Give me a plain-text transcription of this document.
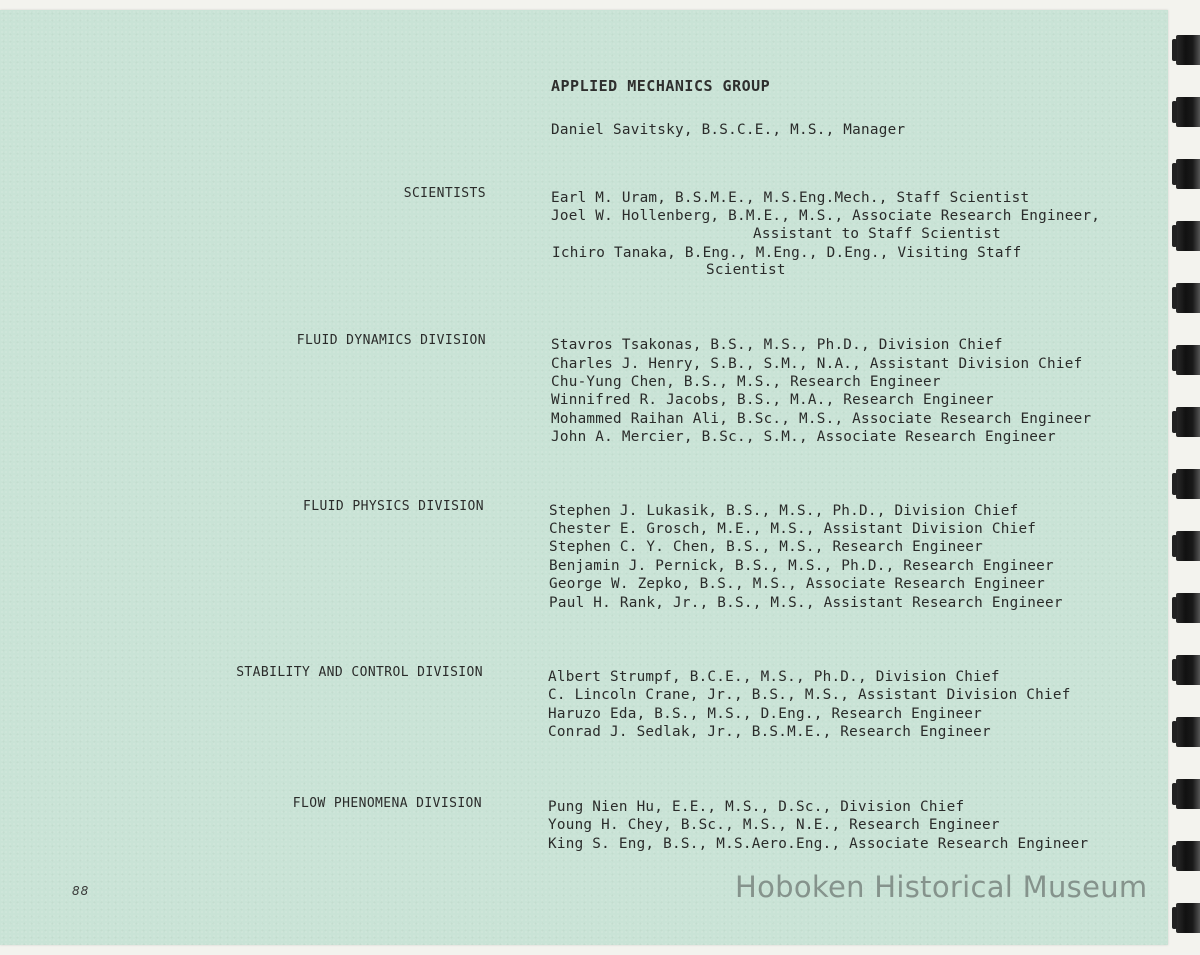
APPLIED MECHANICS GROUP
Daniel Savitsky, B.S.C.E., M.S., Manager
SCIENTISTS	Earl M. Uram, B.S.M.E., M.S.Eng.Mech., Staff Scientist
Joel W. Hollenberg, B.M.E., M.S., Associate Research Engineer,
Assistant to Staff Scientist
Ichiro Tanaka, B.Eng., M.Eng., D.Eng., Visiting Staff
Scientist
FLUID DYNAMICS DIVISION	Stavros Tsakonas, B.S., M.S., Ph.D., Division Chief
Charles J. Henry, S.B., S.M., N.A., Assistant Division Chief
Chu-Yung Chen, B.S., M.S., Research Engineer
Winnifred R. Jacobs, B.S., M.A., Research Engineer
Mohammed Raihan Ali, B.Sc., M.S., Associate Research Engineer
John A. Mercier, B.Sc., S.M., Associate Research Engineer
FLUID PHYSICS DIVISION	Stephen J. Lukasik, B.S., M.S., Ph.D., Division Chief
Chester E. Grosch, M.E., M.S., Assistant Division Chief
Stephen C. Y. Chen, B.S., M.S., Research Engineer
Benjamin J. Pernick, B.S., M.S., Ph.D., Research Engineer
George W. Zepko, B.S., M.S., Associate Research Engineer
Paul H. Rank, Jr., B.S., M.S., Assistant Research Engineer
STABILITY AND CONTROL DIVISION	Albert Strumpf, B.C.E., M.S., Ph.D., Division Chief
C. Lincoln Crane, Jr., B.S., M.S., Assistant Division Chief
Haruzo Eda, B.S., M.S., D.Eng., Research Engineer
Conrad J. Sedlak, Jr., B.S.M.E., Research Engineer
FLOW PHENOMENA DIVISION	Pung Nien Hu, E.E., M.S., D.Sc., Division Chief
Young H. Chey, B.Sc., M.S., N.E., Research Engineer
King S. Eng, B.S., M.S.Aero.Eng., Associate Research Engineer
88	Hoboken Historical Museum
